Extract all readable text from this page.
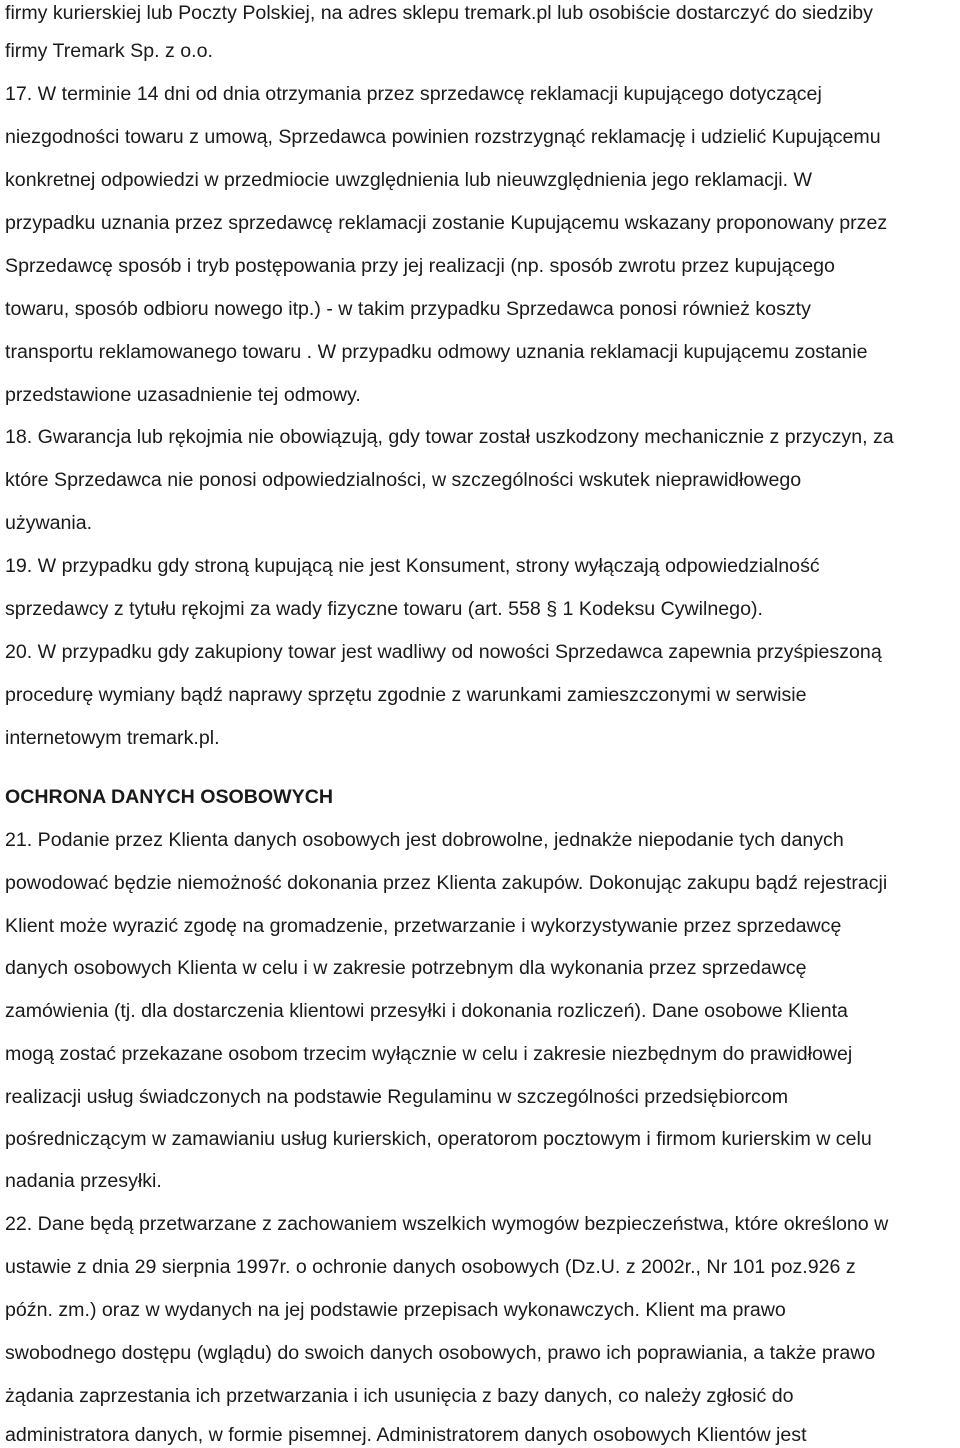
firmy kurierskiej lub Poczty Polskiej, na adres sklepu tremark.pl lub osobiście dostarczyć do siedziby
firmy Tremark Sp. z o.o.
17. W terminie 14 dni od dnia otrzymania przez sprzedawcę reklamacji kupującego dotyczącej
niezgodności towaru z umową, Sprzedawca powinien rozstrzygnąć reklamację i udzielić Kupującemu
konkretnej odpowiedzi w przedmiocie uwzględnienia lub nieuwzględnienia jego reklamacji. W
przypadku uznania przez sprzedawcę reklamacji zostanie Kupującemu wskazany proponowany przez
Sprzedawcę sposób i tryb postępowania przy jej realizacji (np. sposób zwrotu przez kupującego
towaru, sposób odbioru nowego itp.) - w takim przypadku Sprzedawca ponosi również koszty
transportu reklamowanego towaru . W przypadku odmowy uznania reklamacji kupującemu zostanie
przedstawione uzasadnienie tej odmowy.
18. Gwarancja lub rękojmia nie obowiązują, gdy towar został uszkodzony mechanicznie z przyczyn, za
które Sprzedawca nie ponosi odpowiedzialności, w szczególności wskutek nieprawidłowego
używania.
19. W przypadku gdy stroną kupującą nie jest Konsument, strony wyłączają odpowiedzialność
sprzedawcy z tytułu rękojmi za wady fizyczne towaru (art. 558 § 1 Kodeksu Cywilnego).
20. W przypadku gdy zakupiony towar jest wadliwy od nowości Sprzedawca zapewnia przyśpieszoną
procedurę wymiany bądź naprawy sprzętu zgodnie z warunkami zamieszczonymi w serwisie
internetowym tremark.pl.
OCHRONA DANYCH OSOBOWYCH
21. Podanie przez Klienta danych osobowych jest dobrowolne, jednakże niepodanie tych danych
powodować będzie niemożność dokonania przez Klienta zakupów. Dokonując zakupu bądź rejestracji
Klient może wyrazić zgodę na gromadzenie, przetwarzanie i wykorzystywanie przez sprzedawcę
danych osobowych Klienta w celu i w zakresie potrzebnym dla wykonania przez sprzedawcę
zamówienia (tj. dla dostarczenia klientowi przesyłki i dokonania rozliczeń). Dane osobowe Klienta
mogą zostać przekazane osobom trzecim wyłącznie w celu i zakresie niezbędnym do prawidłowej
realizacji usług świadczonych na podstawie Regulaminu w szczególności przedsiębiorcom
pośredniczącym w zamawianiu usług kurierskich, operatorom pocztowym i firmom kurierskim w celu
nadania przesyłki.
22. Dane będą przetwarzane z zachowaniem wszelkich wymogów bezpieczeństwa, które określono w
ustawie z dnia 29 sierpnia 1997r. o ochronie danych osobowych (Dz.U. z 2002r., Nr 101 poz.926 z
późn. zm.) oraz w wydanych na jej podstawie przepisach wykonawczych. Klient ma prawo
swobodnego dostępu (wglądu) do swoich danych osobowych, prawo ich poprawiania, a także prawo
żądania zaprzestania ich przetwarzania i ich usunięcia z bazy danych, co należy zgłosić do
administratora danych, w formie pisemnej. Administratorem danych osobowych Klientów jest
